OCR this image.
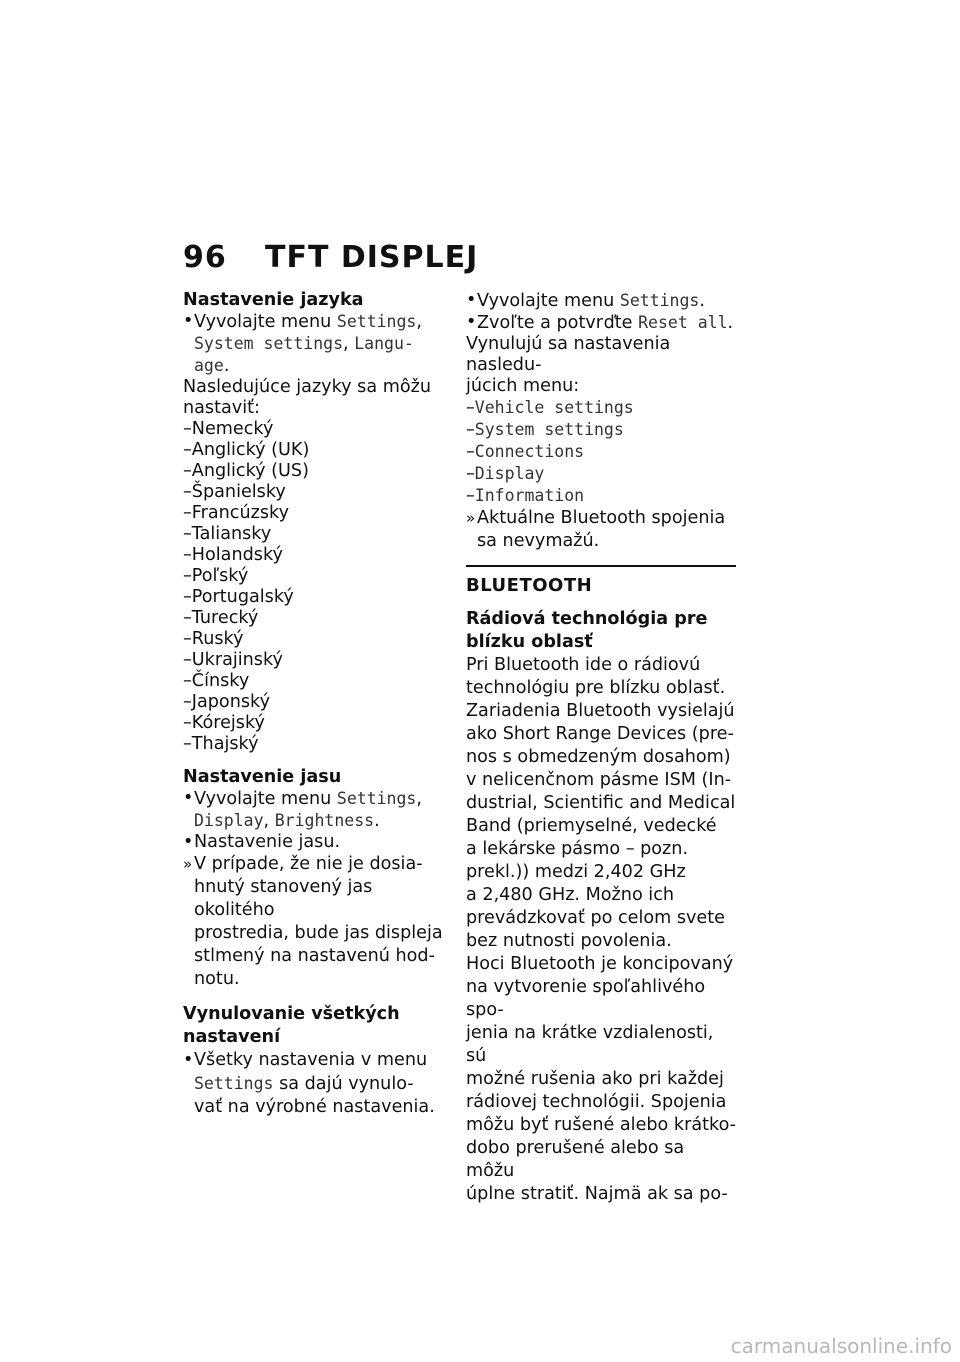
96 TFT DISPLEJ

Nastavenie jazyka

• Vyvolajte menu Settings,
System settings, Langu-
age.

Nasledujúce jazyky sa môžu
nastaviť:

– Nemecký

– Anglický (UK)

– Anglický (US)

– Španielsky

– Francúzsky

– Taliansky

– Holandský

– Poľský

– Portugalský

– Turecký

– Ruský

– Ukrajinský

– Čínsky

– Japonský

– Kórejský

– Thajský

Nastavenie jasu

• Vyvolajte menu Settings,
Display, Brightness.

• Nastavenie jasu.

» V prípade, že nie je dosia-
hnutý stanovený jas okolitého
prostredia, bude jas displeja
stlmený na nastavenú hod-
notu.

Vynulovanie všetkých
nastavení

• Všetky nastavenia v menu
Settings sa dajú vynulo-
vať na výrobné nastavenia.

• Vyvolajte menu Settings.

• Zvoľte a potvrďte Reset all.

Vynulujú sa nastavenia nasledu-
júcich menu:

– Vehicle settings

– System settings

– Connections

– Display

– Information

» Aktuálne Bluetooth spojenia
sa nevymažú.

BLUETOOTH

Rádiová technológia pre
blízku oblasť

Pri Bluetooth ide o rádiovú

technológiu pre blízku oblasť.

Zariadenia Bluetooth vysielajú

ako Short Range Devices (pre-

nos s obmedzeným dosahom)

v nelicenčnom pásme ISM (In-

dustrial, Scientific and Medical

Band (priemyselné, vedecké

a lekárske pásmo – pozn.

prekl.)) medzi 2,402 GHz

a 2,480 GHz. Možno ich

prevádzkovať po celom svete

bez nutnosti povolenia.

Hoci Bluetooth je koncipovaný

na vytvorenie spoľahlivého spo-

jenia na krátke vzdialenosti, sú

možné rušenia ako pri každej

rádiovej technológii. Spojenia

môžu byť rušené alebo krátko-

dobo prerušené alebo sa môžu

úplne stratiť. Najmä ak sa po-

carmanualsonline.info
